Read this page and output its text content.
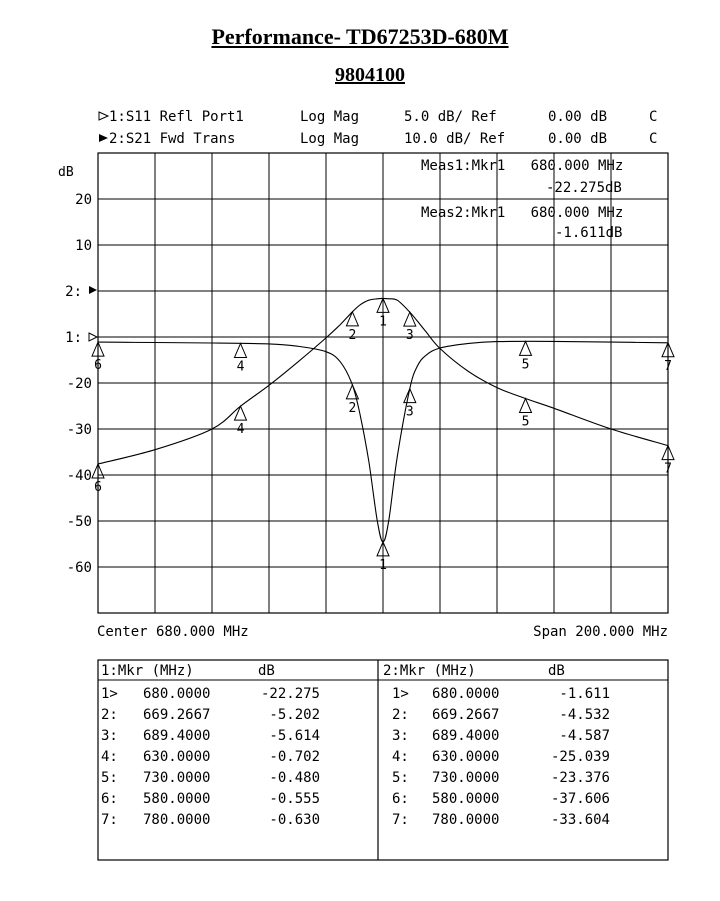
Performance- TD67253D-680M
9804100
1:S11 Refl Port1	Log Mag	5.0 dB/ Ref	0.00 dB	C
2:S21 Fwd Trans	Log Mag	10.0 dB/ Ref	0.00 dB	C
dB
20
10
2:
1:
-20
-30
-40
-50
-60
Meas1:Mkr1   680.000 MHz
-22.275dB
Meas2:Mkr1   680.000 MHz
-1.611dB
1
1
2
2
3
3
4
4
5
5
6
6
7
7
Center 680.000 MHz	Span 200.000 MHz
1:Mkr (MHz)	dB	2:Mkr (MHz)	dB
1> 680.0000	-22.275
2: 669.2667	-5.202
3: 689.4000	-5.614
4: 630.0000	-0.702
5: 730.0000	-0.480
6: 580.0000	-0.555
7: 780.0000	-0.630
1> 680.0000	-1.611
2: 669.2667	-4.532
3: 689.4000	-4.587
4: 630.0000	-25.039
5: 730.0000	-23.376
6: 580.0000	-37.606
7: 780.0000	-33.604
